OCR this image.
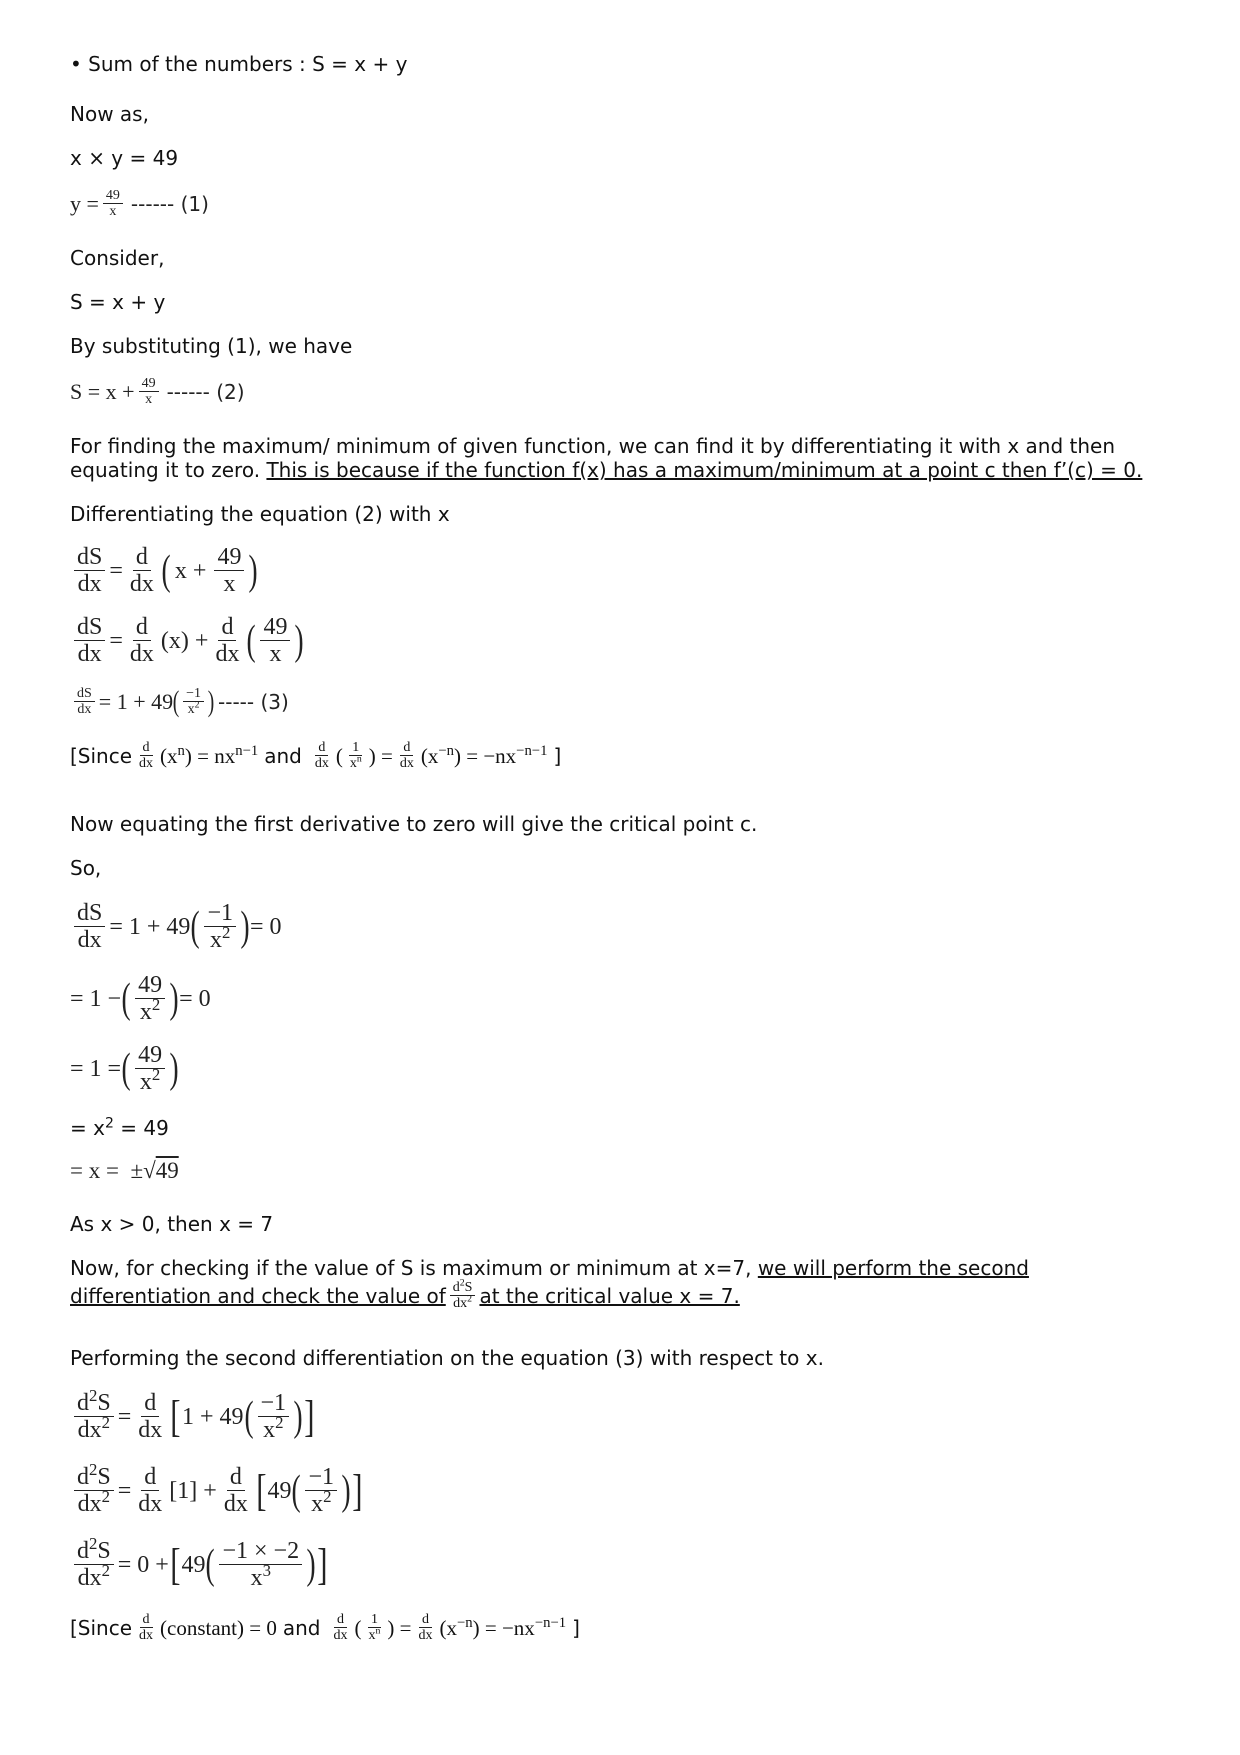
• Sum of the numbers : S = x + y
Now as,
x × y = 49
$y = \frac{49}{x}$ ------ (1)
Consider,
S = x + y
By substituting (1), we have
$S = x + \frac{49}{x}$ ------ (2)
For finding the maximum/ minimum of given function, we can find it by differentiating it with x and then
equating it to zero. This is because if the function f(x) has a maximum/minimum at a point c then f’(c) = 0.
Differentiating the equation (2) with x
$\frac{dS}{dx} = \frac{d}{dx}$ ( $x + \frac{49}{x}$ )
$\frac{dS}{dx} = \frac{d}{dx} (x) + \frac{d}{dx}$ ( $\frac{49}{x}$ )
$\frac{dS}{dx} = 1 + 49$ ( $\frac{-1}{x^2}$ ) ----- (3)
[Since $\frac{d}{dx} (x^n) = nx^{n-1}$ and $\frac{d}{dx}$ ( $\frac{1}{x^n}$ ) = $\frac{d}{dx} (x^{-n}) = -nx^{-n-1}$ ]
Now equating the first derivative to zero will give the critical point c.
So,
$\frac{dS}{dx} = 1 + 49$ ( $\frac{-1}{x^2}$ ) = 0
= 1 − ( $\frac{49}{x^2}$ ) = 0
= 1 = ( $\frac{49}{x^2}$ )
= $x^2 = 49$
= x =  ±√49
As x > 0, then x = 7
Now, for checking if the value of S is maximum or minimum at x=7, we will perform the second
differentiation and check the value of $\frac{d^2S}{dx^2}$ at the critical value x = 7.
Performing the second differentiation on the equation (3) with respect to x.
$\frac{d^2S}{dx^2} = \frac{d}{dx}$ [ 1 + 49 ( $\frac{-1}{x^2}$ ) ]
$\frac{d^2S}{dx^2} = \frac{d}{dx} [1] + \frac{d}{dx}$ [ 49 ( $\frac{-1}{x^2}$ ) ]
$\frac{d^2S}{dx^2} = 0$ + [ 49 ( $\frac{-1 \times -2}{x^3}$ ) ]
[Since $\frac{d}{dx}$ (constant) = 0 and $\frac{d}{dx}$ ( $\frac{1}{x^n}$ ) = $\frac{d}{dx} (x^{-n}) = -nx^{-n-1}$ ]
